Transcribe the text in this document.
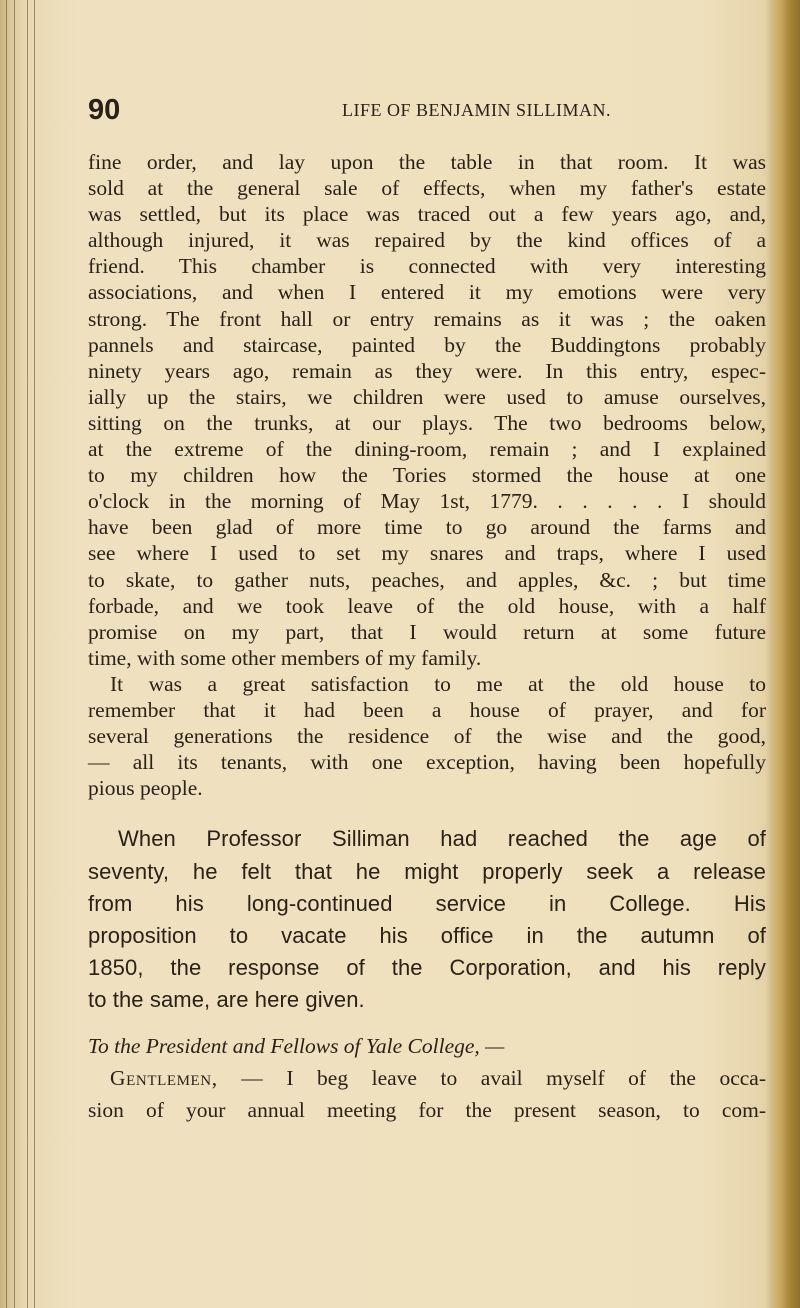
90	LIFE OF BENJAMIN SILLIMAN.
fine order, and lay upon the table in that room. It was
sold at the general sale of effects, when my father's estate
was settled, but its place was traced out a few years ago, and,
although injured, it was repaired by the kind offices of a
friend. This chamber is connected with very interesting
associations, and when I entered it my emotions were very
strong. The front hall or entry remains as it was ; the oaken
pannels and staircase, painted by the Buddingtons probably
ninety years ago, remain as they were. In this entry, espec-
ially up the stairs, we children were used to amuse ourselves,
sitting on the trunks, at our plays. The two bedrooms below,
at the extreme of the dining-room, remain ; and I explained
to my children how the Tories stormed the house at one
o'clock in the morning of May 1st, 1779. . . . . . I should
have been glad of more time to go around the farms and
see where I used to set my snares and traps, where I used
to skate, to gather nuts, peaches, and apples, &c. ; but time
forbade, and we took leave of the old house, with a half
promise on my part, that I would return at some future
time, with some other members of my family.
It was a great satisfaction to me at the old house to
remember that it had been a house of prayer, and for
several generations the residence of the wise and the good,
— all its tenants, with one exception, having been hopefully
pious people.
When Professor Silliman had reached the age of
seventy, he felt that he might properly seek a release
from his long-continued service in College. His
proposition to vacate his office in the autumn of
1850, the response of the Corporation, and his reply
to the same, are here given.
To the President and Fellows of Yale College, —
Gentlemen, — I beg leave to avail myself of the occa-
sion of your annual meeting for the present season, to com-
